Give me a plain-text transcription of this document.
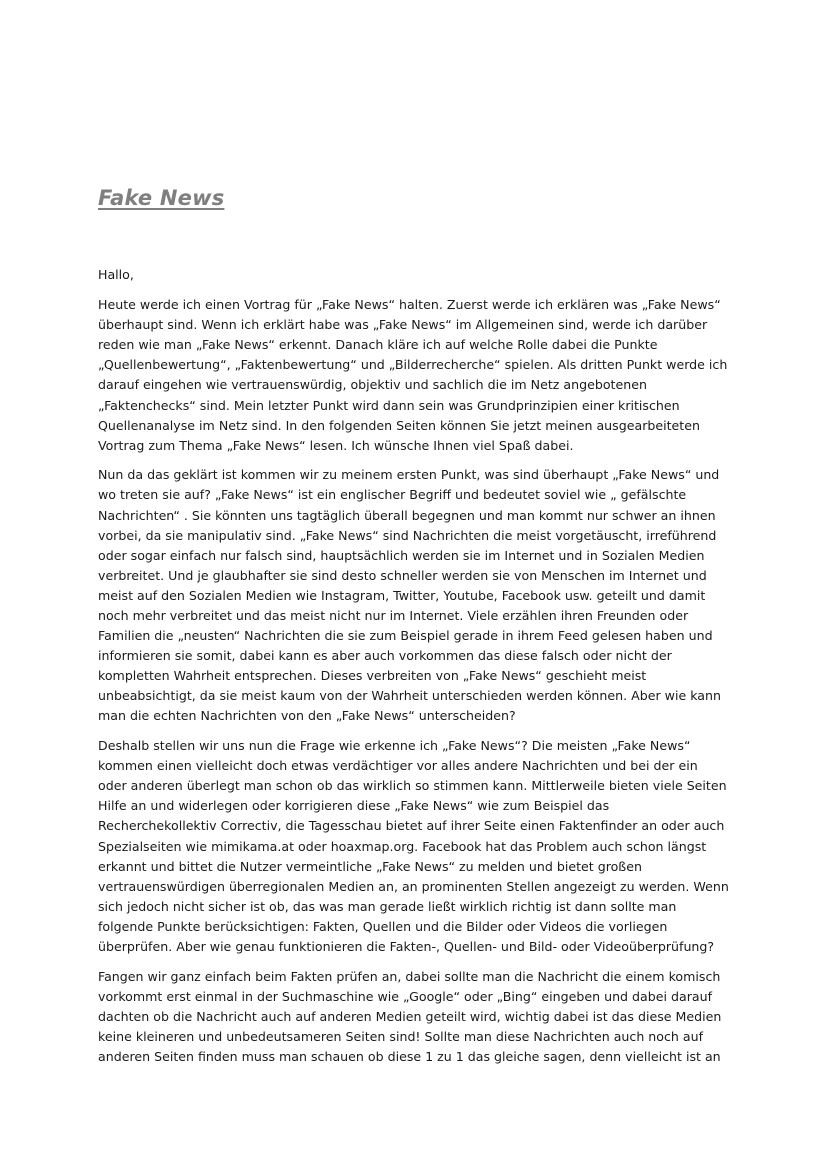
Fake News

Hallo,

Heute werde ich einen Vortrag für „Fake News“ halten. Zuerst werde ich erklären was „Fake News“ überhaupt sind. Wenn ich erklärt habe was „Fake News“ im Allgemeinen sind, werde ich darüber reden wie man „Fake News“ erkennt. Danach kläre ich auf welche Rolle dabei die Punkte „Quellenbewertung“, „Faktenbewertung“ und „Bilderrecherche“ spielen. Als dritten Punkt werde ich darauf eingehen wie vertrauenswürdig, objektiv und sachlich die im Netz angebotenen „Faktenchecks“ sind. Mein letzter Punkt wird dann sein was Grundprinzipien einer kritischen Quellenanalyse im Netz sind. In den folgenden Seiten können Sie jetzt meinen ausgearbeiteten Vortrag zum Thema „Fake News“ lesen. Ich wünsche Ihnen viel Spaß dabei.

Nun da das geklärt ist kommen wir zu meinem ersten Punkt, was sind überhaupt „Fake News“ und wo treten sie auf? „Fake News“ ist ein englischer Begriff und bedeutet soviel wie „ gefälschte Nachrichten“ . Sie könnten uns tagtäglich überall begegnen und man kommt nur schwer an ihnen vorbei, da sie manipulativ sind. „Fake News“ sind Nachrichten die meist vorgetäuscht, irreführend oder sogar einfach nur falsch sind, hauptsächlich werden sie im Internet und in Sozialen Medien verbreitet. Und je glaubhafter sie sind desto schneller werden sie von Menschen im Internet und meist auf den Sozialen Medien wie Instagram, Twitter, Youtube, Facebook usw. geteilt und damit noch mehr verbreitet und das meist nicht nur im Internet. Viele erzählen ihren Freunden oder Familien die „neusten“ Nachrichten die sie zum Beispiel gerade in ihrem Feed gelesen haben und informieren sie somit, dabei kann es aber auch vorkommen das diese falsch oder nicht der kompletten Wahrheit entsprechen. Dieses verbreiten von „Fake News“ geschieht meist unbeabsichtigt, da sie meist kaum von der Wahrheit unterschieden werden können. Aber wie kann man die echten Nachrichten von den „Fake News“ unterscheiden?

Deshalb stellen wir uns nun die Frage wie erkenne ich „Fake News“? Die meisten „Fake News“ kommen einen vielleicht doch etwas verdächtiger vor alles andere Nachrichten und bei der ein oder anderen überlegt man schon ob das wirklich so stimmen kann. Mittlerweile bieten viele Seiten Hilfe an und widerlegen oder korrigieren diese „Fake News“ wie zum Beispiel das Recherchekollektiv Correctiv, die Tagesschau bietet auf ihrer Seite einen Faktenfinder an oder auch Spezialseiten wie mimikama.at oder hoaxmap.org. Facebook hat das Problem auch schon längst erkannt und bittet die Nutzer vermeintliche „Fake News“ zu melden und bietet großen vertrauenswürdigen überregionalen Medien an, an prominenten Stellen angezeigt zu werden. Wenn sich jedoch nicht sicher ist ob, das was man gerade ließt wirklich richtig ist dann sollte man folgende Punkte berücksichtigen: Fakten, Quellen und die Bilder oder Videos die vorliegen überprüfen. Aber wie genau funktionieren die Fakten-, Quellen- und Bild- oder Videoüberprüfung?

Fangen wir ganz einfach beim Fakten prüfen an, dabei sollte man die Nachricht die einem komisch vorkommt erst einmal in der Suchmaschine wie „Google“ oder „Bing“ eingeben und dabei darauf dachten ob die Nachricht auch auf anderen Medien geteilt wird, wichtig dabei ist das diese Medien keine kleineren und unbedeutsameren Seiten sind! Sollte man diese Nachrichten auch noch auf anderen Seiten finden muss man schauen ob diese 1 zu 1 das gleiche sagen, denn vielleicht ist an
